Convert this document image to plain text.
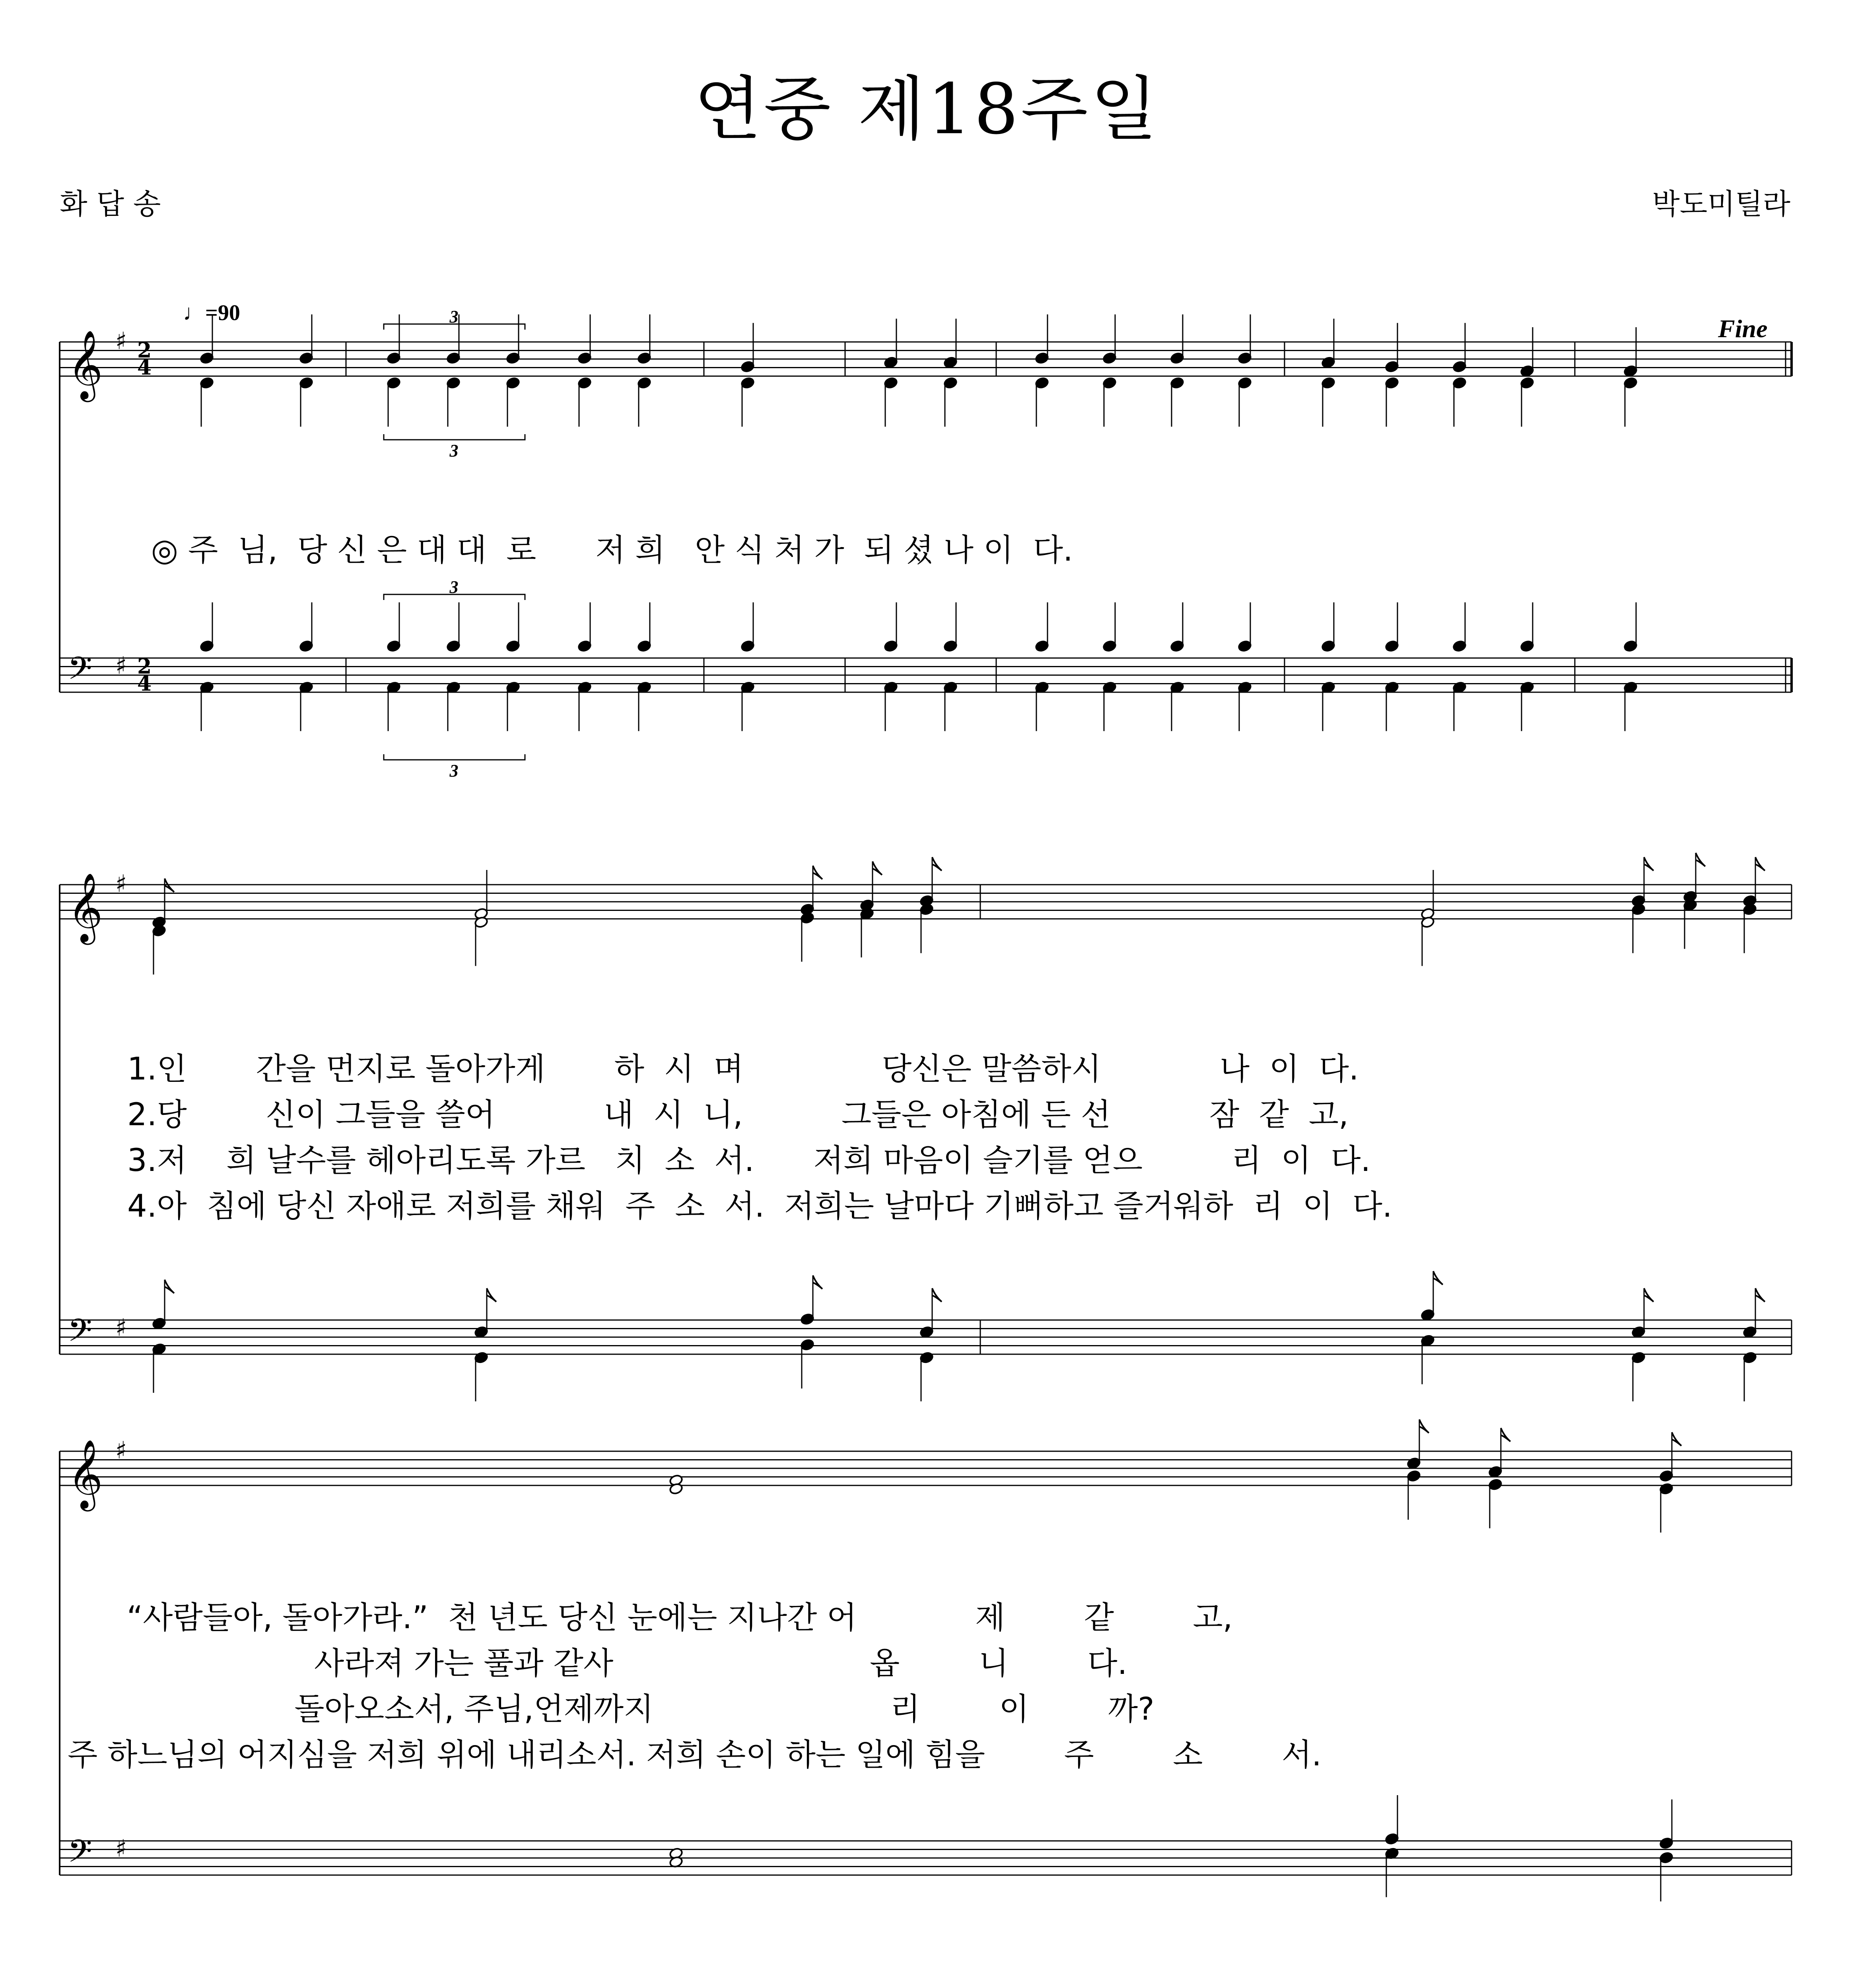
연중 제18주일
화 답 송	박도미틸라
𝄞
𝄢
♯
♯
2
4
2
4
3
3
3
3
𝄞
𝄢
♯
♯
𝄞
𝄢
♯
♯
♩=90
Fine
◎ 주  님,  당 신 은 대 대  로      저 희   안 식 처 가  되 셨 나 이  다.
1.인       간을 먼지로 돌아가게       하  시  며              당신은 말씀하시            나  이  다.
2.당        신이 그들을 쓸어           내  시  니,          그들은 아침에 든 선          잠  같  고,
3.저    희 날수를 헤아리도록 가르   치  소  서.      저희 마음이 슬기를 얻으         리  이  다.
4.아  침에 당신 자애로 저희를 채워  주  소  서.  저희는 날마다 기뻐하고 즐거워하  리  이  다.
“사람들아, 돌아가라.”  천 년도 당신 눈에는 지나간 어            제        같        고,
사라져 가는 풀과 같사                          옵        니        다.
돌아오소서, 주님,언제까지                        리        이        까?
주 하느님의 어지심을 저희 위에 내리소서. 저희 손이 하는 일에 힘을        주        소        서.
